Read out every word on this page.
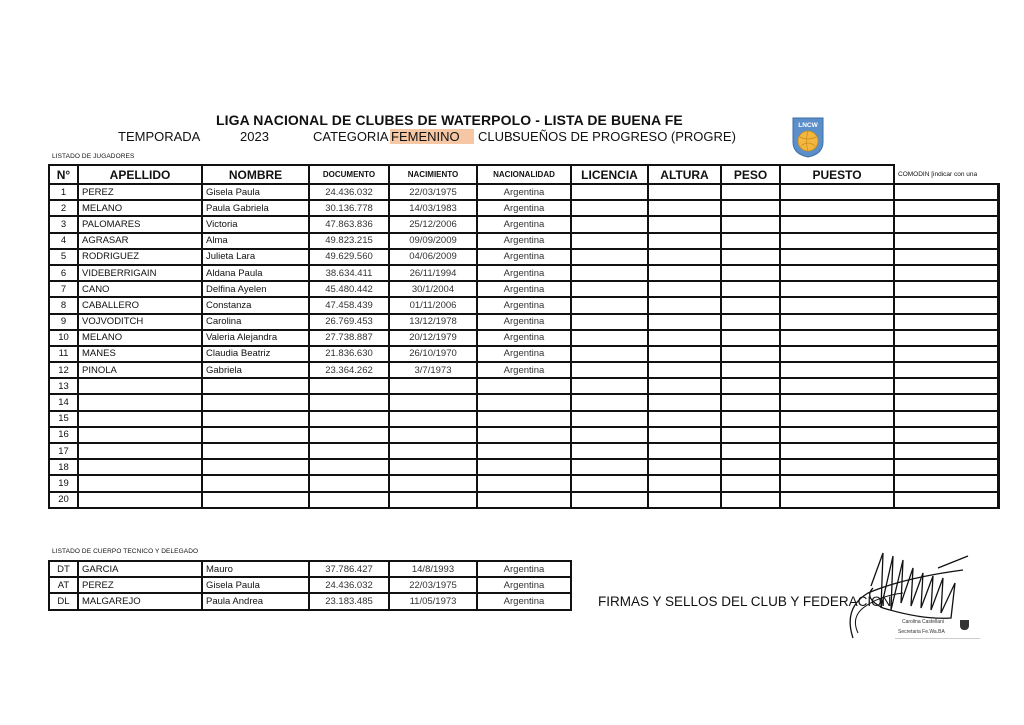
LIGA NACIONAL DE CLUBES DE WATERPOLO - LISTA DE BUENA FE
TEMPORADA	2023	CATEGORIA FEMENINO	CLUB:
SUEÑOS DE PROGRESO (PROGRE)
LNCW
LISTADO DE JUGADORES
N°	APELLIDO	NOMBRE	DOCUMENTO	NACIMIENTO	NACIONALIDAD	LICENCIA	ALTURA	PESO	PUESTO	COMODIN [indicar con una
1	PEREZ	Gisela Paula	24.436.032	22/03/1975	Argentina					
2	MELANO	Paula Gabriela	30.136.778	14/03/1983	Argentina					
3	PALOMARES	Victoria	47.863.836	25/12/2006	Argentina					
4	AGRASAR	Alma	49.823.215	09/09/2009	Argentina					
5	RODRIGUEZ	Julieta Lara	49.629.560	04/06/2009	Argentina					
6	VIDEBERRIGAIN	Aldana Paula	38.634.411	26/11/1994	Argentina					
7	CANO	Delfina Ayelen	45.480.442	30/1/2004	Argentina					
8	CABALLERO	Constanza	47.458.439	01/11/2006	Argentina					
9	VOJVODITCH	Carolina	26.769.453	13/12/1978	Argentina					
10	MELANO	Valeria Alejandra	27.738.887	20/12/1979	Argentina					
11	MANES	Claudia Beatriz	21.836.630	26/10/1970	Argentina					
12	PINOLA	Gabriela	23.364.262	3/7/1973	Argentina					
13										
14										
15										
16										
17										
18										
19										
20										
LISTADO DE CUERPO TECNICO Y DELEGADO
DT	GARCIA	Mauro	37.786.427	14/8/1993	Argentina
AT	PEREZ	Gisela Paula	24.436.032	22/03/1975	Argentina
DL	MALGAREJO	Paula Andrea	23.183.485	11/05/1973	Argentina	FIRMAS Y SELLOS DEL CLUB Y FEDERACION
Carolina Castellani
Secretaria Fe.Wa.BA
